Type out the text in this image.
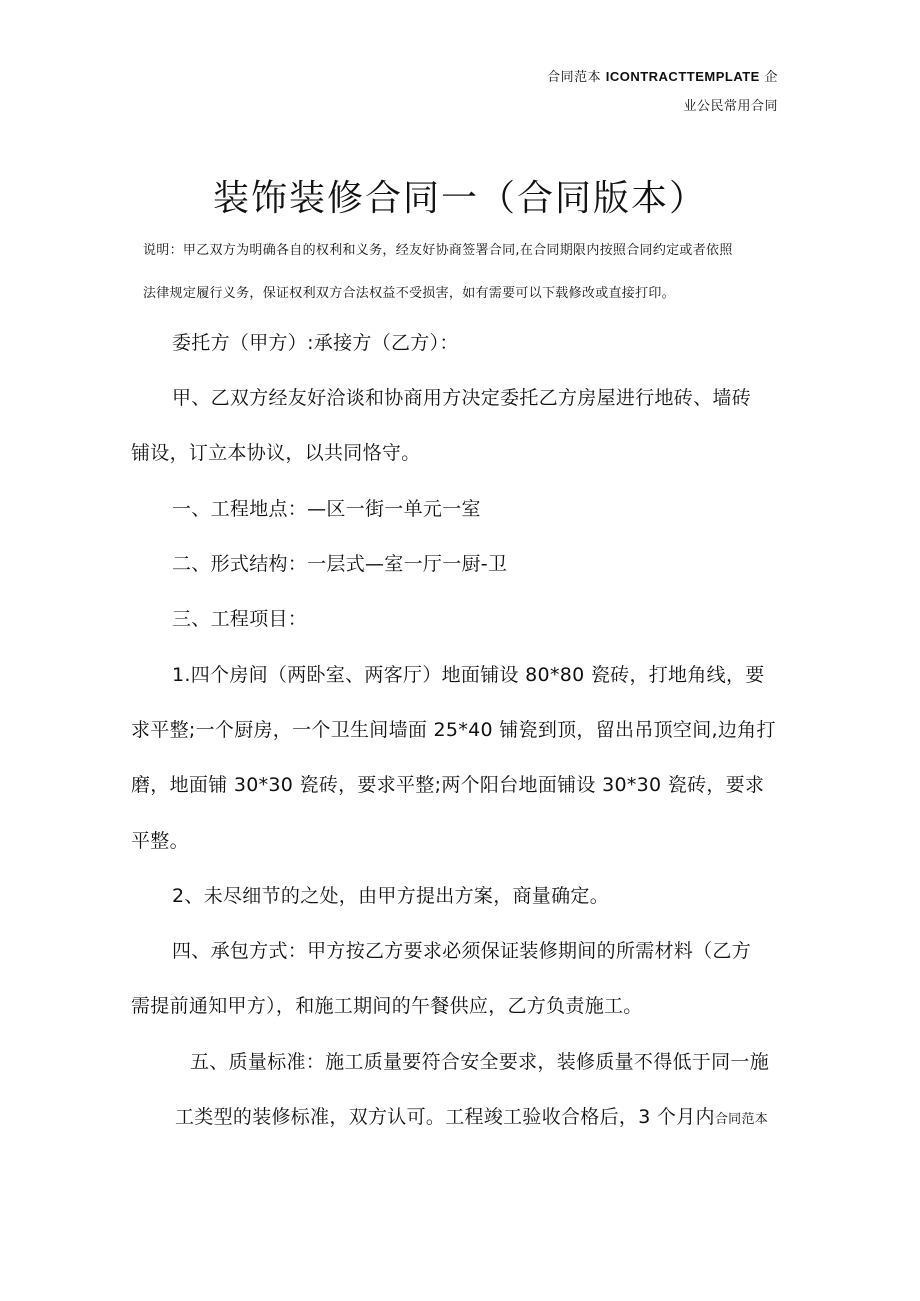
合同范本 ICONTRACTTEMPLATE 企
业公民常用合同
装饰装修合同一（合同版本）
说明：甲乙双方为明确各自的权利和义务，经友好协商签署合同,在合同期限内按照合同约定或者依照
法律规定履行义务，保证权利双方合法权益不受损害，如有需要可以下载修改或直接打印。
委托方（甲方）:承接方（乙方）：
甲、乙双方经友好洽谈和协商用方决定委托乙方房屋进行地砖、墙砖
铺设，订立本协议，以共同恪守。
一、工程地点：—区一街一单元一室
二、形式结构：一层式—室一厅一厨-卫
三、工程项目：
1.四个房间（两卧室、两客厅）地面铺设 80*80 瓷砖，打地角线，要
求平整;一个厨房，一个卫生间墙面 25*40 铺瓷到顶，留出吊顶空间,边角打
磨，地面铺 30*30 瓷砖，要求平整;两个阳台地面铺设 30*30 瓷砖，要求
平整。
2、未尽细节的之处，由甲方提出方案，商量确定。
四、承包方式：甲方按乙方要求必须保证装修期间的所需材料（乙方
需提前通知甲方），和施工期间的午餐供应，乙方负责施工。
五、质量标准：施工质量要符合安全要求，装修质量不得低于同一施
工类型的装修标准，双方认可。工程竣工验收合格后，3 个月内合同范本
